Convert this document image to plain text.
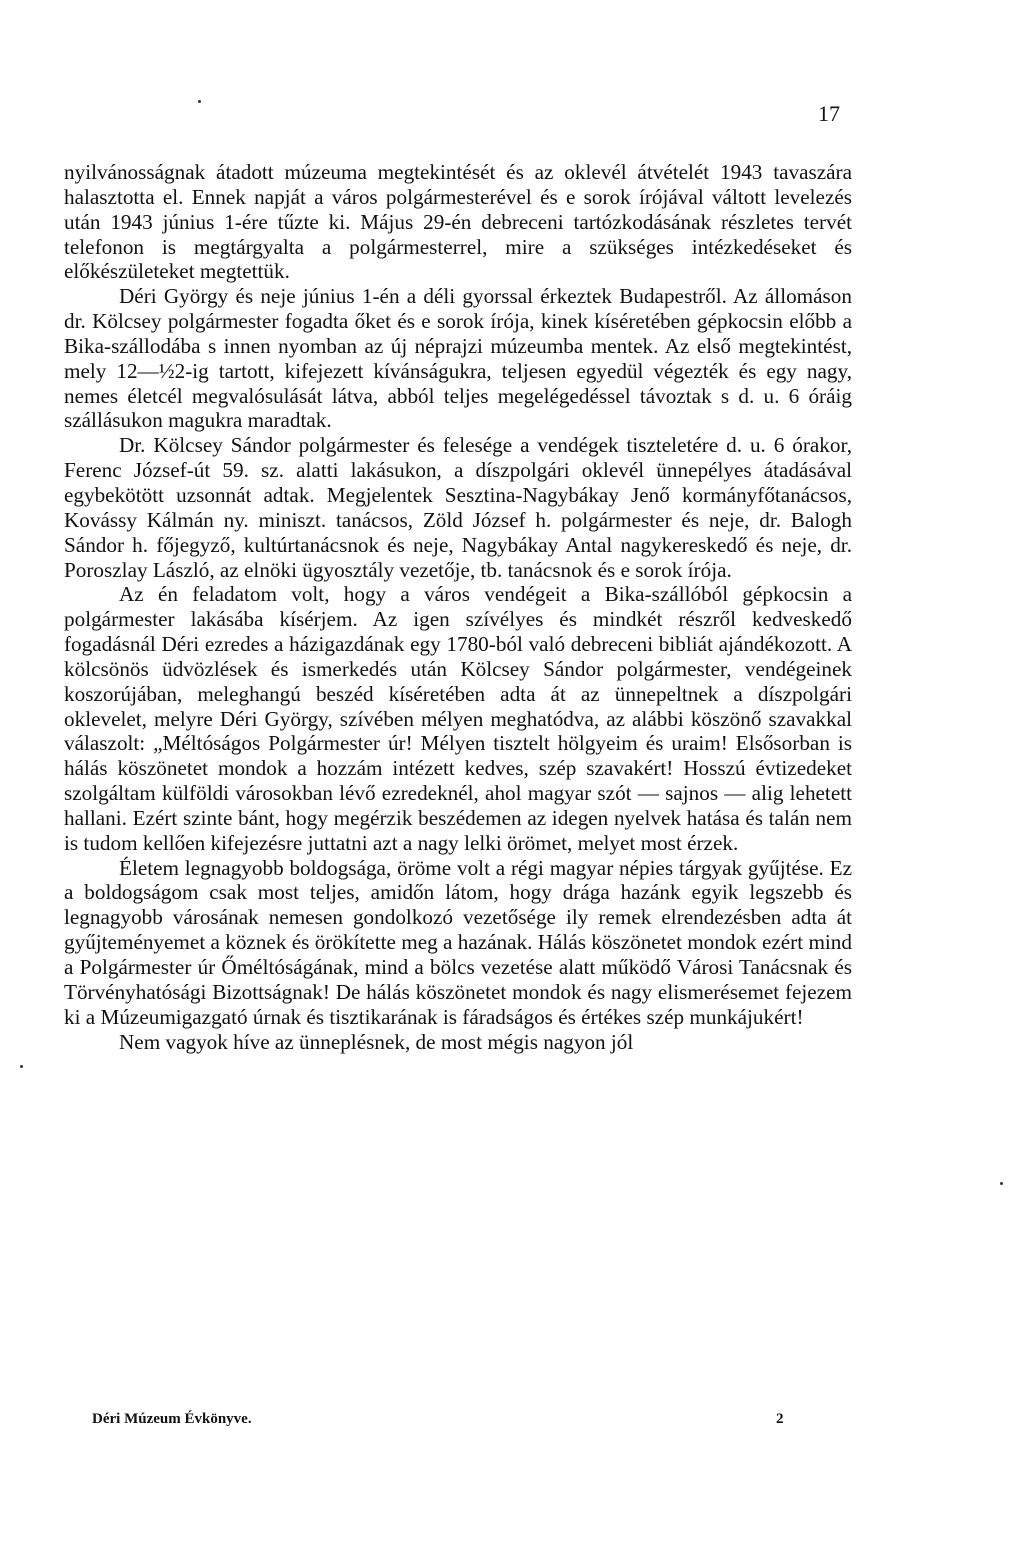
17

nyilvánosságnak átadott múzeuma megtekintését és az oklevél átvételét 1943 tavaszára halasztotta el. Ennek napját a város polgármesterével és e sorok írójával váltott levelezés után 1943 június 1-ére tűzte ki. Május 29-én debreceni tartózkodásának részletes tervét telefonon is megtárgyalta a polgármesterrel, mire a szükséges intézkedéseket és előkészületeket megtettük.

Déri György és neje június 1-én a déli gyorssal érkeztek Budapestről. Az állomáson dr. Kölcsey polgármester fogadta őket és e sorok írója, kinek kíséretében gépkocsin előbb a Bika-szállodába s innen nyomban az új néprajzi múzeumba mentek. Az első megtekintést, mely 12—½2-ig tartott, kifejezett kívánságukra, teljesen egyedül végezték és egy nagy, nemes életcél megvalósulását látva, abból teljes megelégedéssel távoztak s d. u. 6 óráig szállásukon magukra maradtak.

Dr. Kölcsey Sándor polgármester és felesége a vendégek tiszteletére d. u. 6 órakor, Ferenc József-út 59. sz. alatti lakásukon, a díszpolgári oklevél ünnepélyes átadásával egybekötött uzsonnát adtak. Megjelentek Sesztina-Nagybákay Jenő kormányfőtanácsos, Kovássy Kálmán ny. miniszt. tanácsos, Zöld József h. polgármester és neje, dr. Balogh Sándor h. főjegyző, kultúrtanácsnok és neje, Nagybákay Antal nagykereskedő és neje, dr. Poroszlay László, az elnöki ügyosztály vezetője, tb. tanácsnok és e sorok írója.

Az én feladatom volt, hogy a város vendégeit a Bika-szállóból gépkocsin a polgármester lakásába kísérjem. Az igen szívélyes és mindkét részről kedveskedő fogadásnál Déri ezredes a házigazdának egy 1780-ból való debreceni bibliát ajándékozott. A kölcsönös üdvözlések és ismerkedés után Kölcsey Sándor polgármester, vendégeinek koszorújában, meleghangú beszéd kíséretében adta át az ünnepeltnek a díszpolgári oklevelet, melyre Déri György, szívében mélyen meghatódva, az alábbi köszönő szavakkal válaszolt: „Méltóságos Polgármester úr! Mélyen tisztelt hölgyeim és uraim! Elsősorban is hálás köszönetet mondok a hozzám intézett kedves, szép szavakért! Hosszú évtizedeket szolgáltam külföldi városokban lévő ezredeknél, ahol magyar szót — sajnos — alig lehetett hallani. Ezért szinte bánt, hogy megérzik beszédemen az idegen nyelvek hatása és talán nem is tudom kellően kifejezésre juttatni azt a nagy lelki örömet, melyet most érzek.

Életem legnagyobb boldogsága, öröme volt a régi magyar népies tárgyak gyűjtése. Ez a boldogságom csak most teljes, amidőn látom, hogy drága hazánk egyik legszebb és legnagyobb városának nemesen gondolkozó vezetősége ily remek elrendezésben adta át gyűjteményemet a köznek és örökítette meg a hazának. Hálás köszönetet mondok ezért mind a Polgármester úr Őméltóságának, mind a bölcs vezetése alatt működő Városi Tanácsnak és Törvényhatósági Bizottságnak! De hálás köszönetet mondok és nagy elismerésemet fejezem ki a Múzeumigazgató úrnak és tisztikarának is fáradságos és értékes szép munkájukért!

Nem vagyok híve az ünneplésnek, de most mégis nagyon jól

Déri Múzeum Évkönyve.	2
